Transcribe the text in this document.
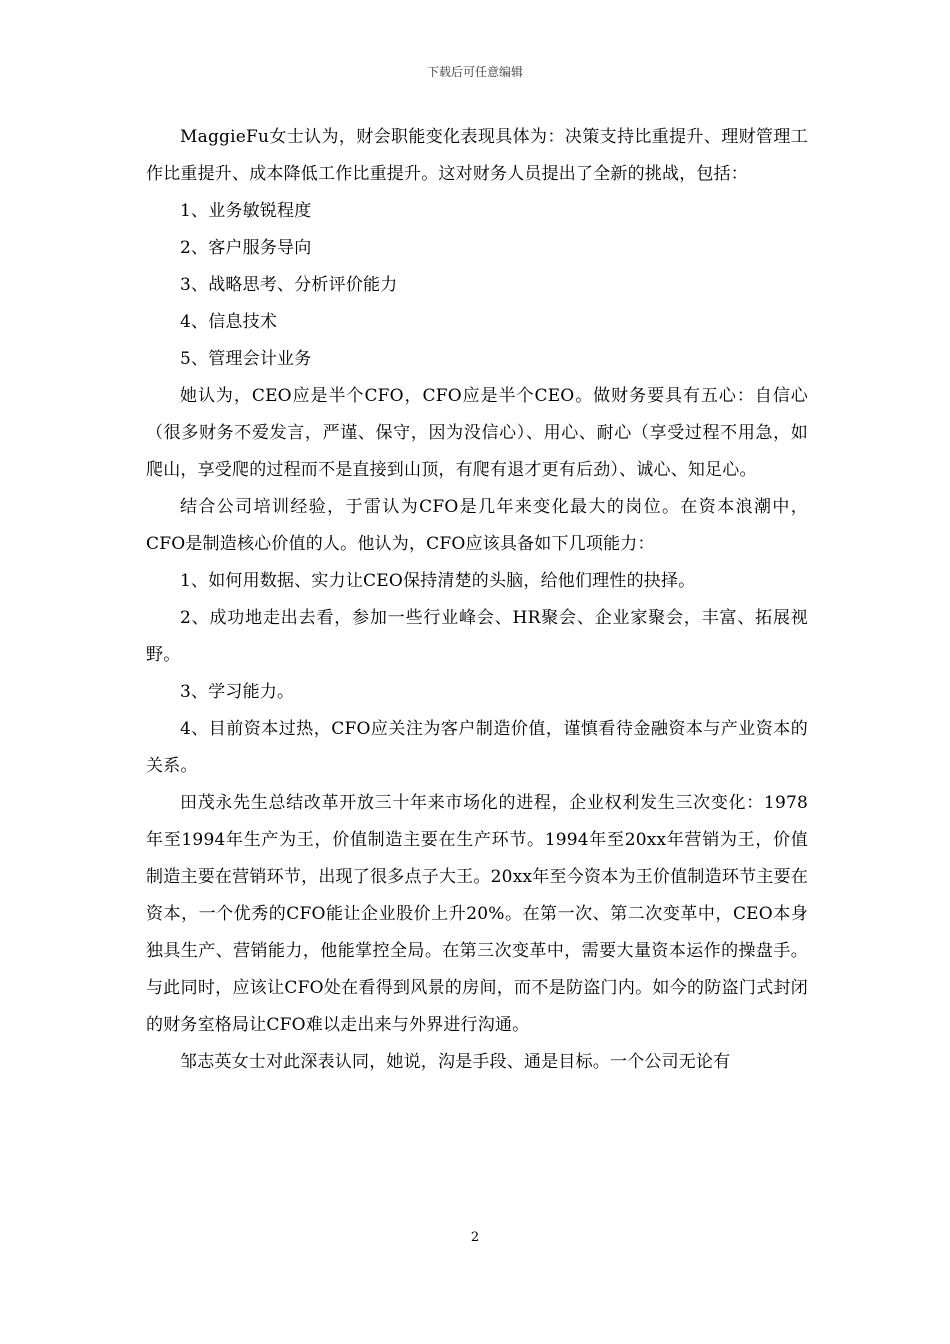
下载后可任意编辑

MaggieFu女士认为，财会职能变化表现具体为：决策支持比重提升、理财管理工作比重提升、成本降低工作比重提升。这对财务人员提出了全新的挑战，包括：

1、业务敏锐程度

2、客户服务导向

3、战略思考、分析评价能力

4、信息技术

5、管理会计业务

她认为，CEO应是半个CFO，CFO应是半个CEO。做财务要具有五心：自信心（很多财务不爱发言，严谨、保守，因为没信心）、用心、耐心（享受过程不用急，如爬山，享受爬的过程而不是直接到山顶，有爬有退才更有后劲）、诚心、知足心。

结合公司培训经验，于雷认为CFO是几年来变化最大的岗位。在资本浪潮中，CFO是制造核心价值的人。他认为，CFO应该具备如下几项能力：

1、如何用数据、实力让CEO保持清楚的头脑，给他们理性的抉择。

2、成功地走出去看，参加一些行业峰会、HR聚会、企业家聚会，丰富、拓展视野。

3、学习能力。

4、目前资本过热，CFO应关注为客户制造价值，谨慎看待金融资本与产业资本的关系。

田茂永先生总结改革开放三十年来市场化的进程，企业权利发生三次变化：1978年至1994年生产为王，价值制造主要在生产环节。1994年至20xx年营销为王，价值制造主要在营销环节，出现了很多点子大王。20xx年至今资本为王价值制造环节主要在资本，一个优秀的CFO能让企业股价上升20%。在第一次、第二次变革中，CEO本身独具生产、营销能力，他能掌控全局。在第三次变革中，需要大量资本运作的操盘手。与此同时，应该让CFO处在看得到风景的房间，而不是防盗门内。如今的防盗门式封闭的财务室格局让CFO难以走出来与外界进行沟通。

邹志英女士对此深表认同，她说，沟是手段、通是目标。一个公司无论有

2
